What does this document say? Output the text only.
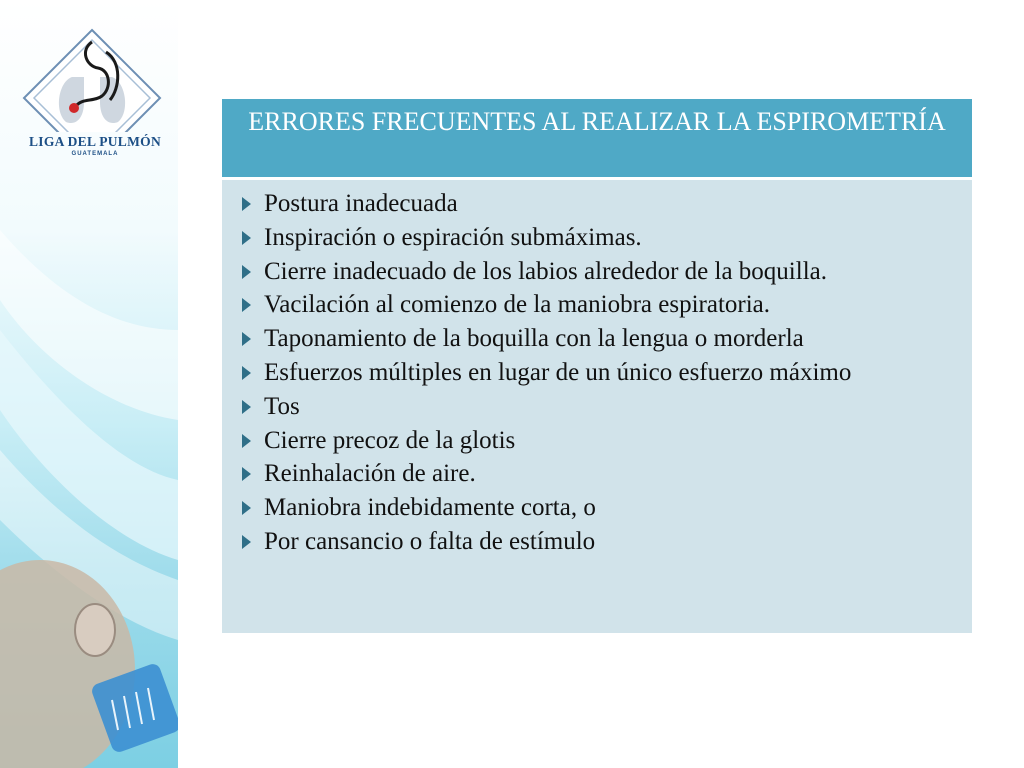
LIGA DEL PULMÓN
GUATEMALA
ERRORES FRECUENTES AL REALIZAR LA ESPIROMETRÍA
Postura inadecuada
Inspiración o espiración submáximas.
Cierre inadecuado de los labios alrededor de la boquilla.
Vacilación al comienzo de la maniobra espiratoria.
Taponamiento de la boquilla con la lengua o morderla
Esfuerzos múltiples en lugar de un único esfuerzo máximo
Tos
Cierre precoz de la glotis
Reinhalación de aire.
Maniobra indebidamente corta, o
Por cansancio o falta de estímulo
